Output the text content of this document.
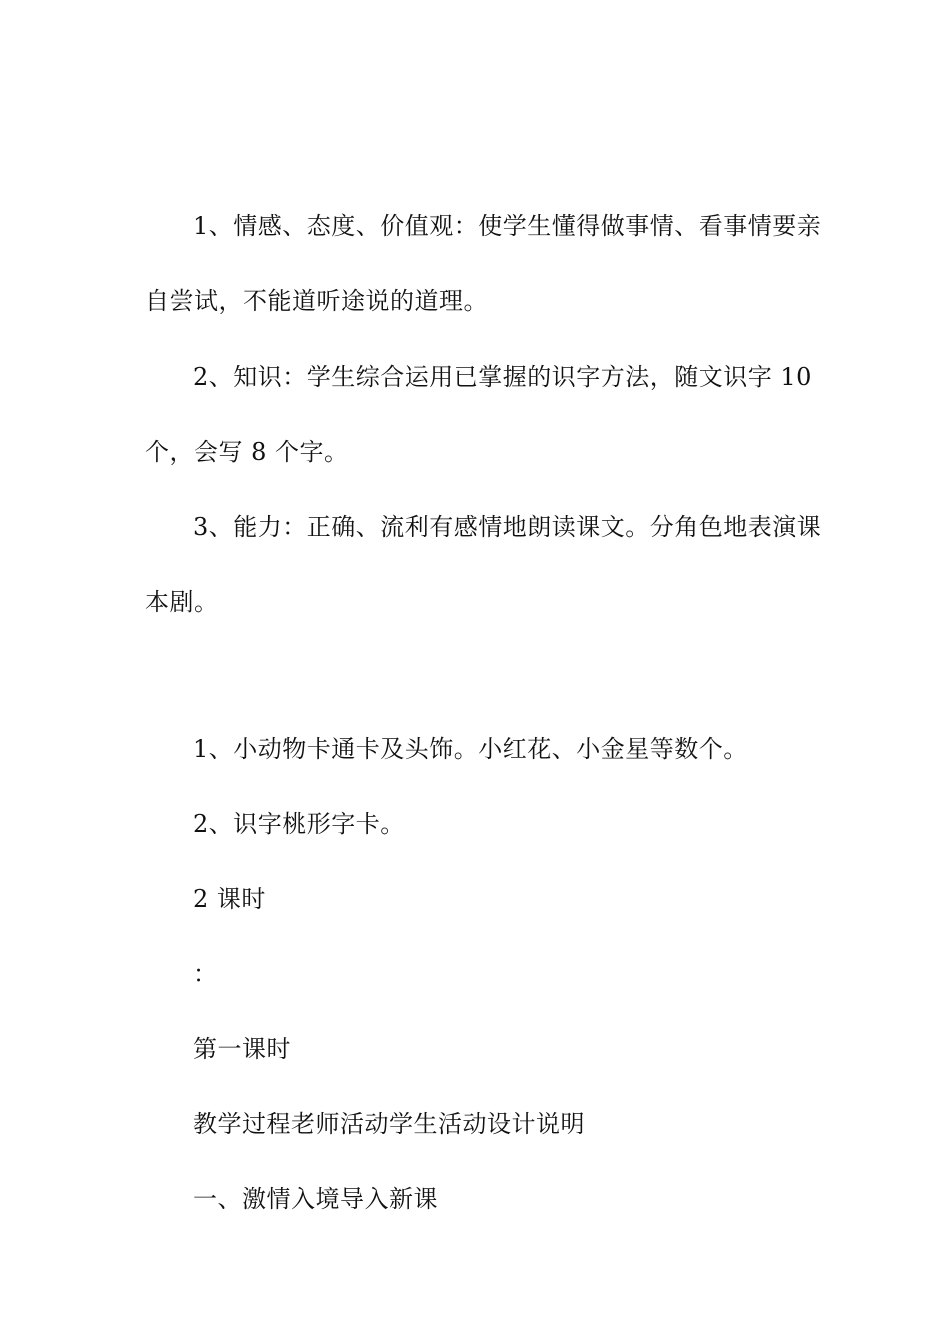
1、情感、态度、价值观：使学生懂得做事情、看事情要亲
自尝试，不能道听途说的道理。
2、知识：学生综合运用已掌握的识字方法，随文识字 10
个，会写 8 个字。
3、能力：正确、流利有感情地朗读课文。分角色地表演课
本剧。
1、小动物卡通卡及头饰。小红花、小金星等数个。
2、识字桃形字卡。
2 课时
：
第一课时
教学过程老师活动学生活动设计说明
一、激情入境导入新课
